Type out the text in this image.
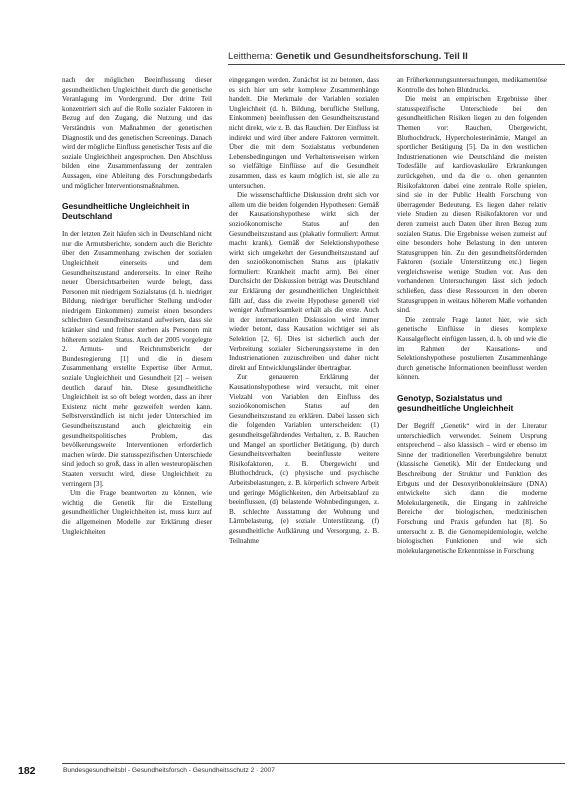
Leitthema: Genetik und Gesundheitsforschung. Teil II

nach der möglichen Beeinflussung dieser gesundheitlichen Ungleichheit durch die genetische Veranlagung im Vordergrund. Der dritte Teil konzentriert sich auf die Rolle sozialer Faktoren in Bezug auf den Zugang, die Nutzung und das Verständnis von Maßnahmen der genetischen Diagnostik und des genetischen Screenings. Danach wird der mögliche Einfluss genetischer Tests auf die soziale Ungleichheit angesprochen. Den Abschluss bilden eine Zusammenfassung der zentralen Aussagen, eine Ableitung des Forschungsbedarfs und möglicher Interventionsmaßnahmen.

Gesundheitliche Ungleichheit in Deutschland

In der letzten Zeit häufen sich in Deutschland nicht nur die Armutsberichte, sondern auch die Berichte über den Zusammenhang zwischen der sozialen Ungleichheit einerseits und dem Gesundheitszustand andererseits. In einer Reihe neuer Übersichtsarbeiten wurde belegt, dass Personen mit niedrigem Sozialstatus (d. h. niedriger Bildung, niedriger beruflicher Stellung und/oder niedrigem Einkommen) zumeist einen besonders schlechten Gesundheitszustand aufweisen, dass sie kränker sind und früher sterben als Personen mit höherem sozialen Status. Auch der 2005 vorgelegte 2. Armuts- und Reichtumsbericht der Bundesregierung [1] und die in diesem Zusammenhang erstellte Expertise über Armut, soziale Ungleichheit und Gesundheit [2] – weisen deutlich darauf hin. Diese gesundheitliche Ungleichheit ist so oft belegt worden, dass an ihrer Existenz nicht mehr gezweifelt werden kann. Selbstverständlich ist nicht jeder Unterschied im Gesundheitszustand auch gleichzeitig ein gesundheitspolitisches Problem, das bevölkerungsweite Interventionen erforderlich machen würde. Die statusspezifischen Unterschiede sind jedoch so groß, dass in allen westeuropäischen Staaten versucht wird, diese Ungleichheit zu verringern [3].

Um die Frage beantworten zu können, wie wichtig die Genetik für die Erstellung gesundheitlicher Ungleichheiten ist, muss kurz auf die allgemeinen Modelle zur Erklärung dieser Ungleichheiten

eingegangen werden. Zunächst ist zu betonen, dass es sich hier um sehr komplexe Zusammenhänge handelt. Die Merkmale der Variablen sozialen Ungleichheit (d. h. Bildung, berufliche Stellung, Einkommen) beeinflussen den Gesundheitszustand nicht direkt, wie z. B. das Rauchen. Der Einfluss ist indirekt und wird über andere Faktoren vermittelt. Über die mit dem Sozialstatus verbundenen Lebensbedingungen und Verhaltensweisen wirken so vielfältige Einflüsse auf die Gesundheit zusammen, dass es kaum möglich ist, sie alle zu untersuchen.

Die wissenschaftliche Diskussion dreht sich vor allem um die beiden folgenden Hypothesen: Gemäß der Kausationshypothese wirkt sich der sozioökonomische Status auf den Gesundheitszustand aus (plakativ formuliert: Armut macht krank). Gemäß der Selektionshypothese wirkt sich umgekehrt der Gesundheitszustand auf den sozioökonomischen Status aus (plakativ formuliert: Krankheit macht arm). Bei einer Durchsicht der Diskussion beträgt was Deutschland zur Erklärung der gesundheitlichen Ungleichheit fällt auf, dass die zweite Hypothese generell viel weniger Aufmerksamkeit erhält als die erste. Auch in der internationalen Diskussion wird immer wieder betont, dass Kausation wichtiger sei als Selektion [2, 6]. Dies ist sicherlich auch der Verbreitung sozialer Sicherungssysteme in den Industrienationen zuzuschreiben und daher nicht direkt auf Entwicklungsländer übertragbar.

Zur genaueren Erklärung der Kausationshypothese wird versucht, mit einer Vielzahl von Variablen den Einfluss des sozioökonomischen Status auf den Gesundheitszustand zu erklären. Dabei lassen sich die folgenden Variablen unterscheiden: (1) gesundheitsgefährdendes Verhalten, z. B. Rauchen und Mangel an sportlicher Betätigung, (b) durch Gesundheitsverhalten beeinflusste weitere Risikofaktoren, z. B. Übergewicht und Bluthochdruck, (c) physische und psychische Arbeitsbelastungen, z. B. körperlich schwere Arbeit und geringe Möglichkeiten, den Arbeitsablauf zu beeinflussen, (d) belastende Wohnbedingungen, z. B. schlechte Ausstattung der Wohnung und Lärmbelastung, (e) soziale Unterstützung, (f) gesundheitliche Aufklärung und Versorgung, z. B. Teilnahme

an Früherkennungsuntersuchungen, medikamentöse Kontrolle des hohen Blutdrucks.

Die meist an empirischen Ergebnisse über statusspezifische Unterschiede bei den gesundheitlichen Risiken liegen zu den folgenden Themen vor: Rauchen, Übergewicht, Bluthochdruck, Hypercholesterinämie, Mangel an sportlicher Betätigung [5]. Da in den westlichen Industrienationen wie Deutschland die meisten Todesfälle auf kardiovaskuläre Erkrankungen zurückgehen, und da die o. ohen genannten Risikofaktoren dabei eine zentrale Rolle spielen, sind sie in der Public Health Forschung von überragender Bedeutung. Es liegen daher relativ viele Studien zu diesen Risikofaktoren vor und deren zumeist auch Daten über ihren Bezug zum sozialen Status. Die Ergebnisse weisen zumeist auf eine besonders hohe Belastung in den unteren Statusgruppen hin. Zu den gesundheitsfördernden Faktoren (soziale Unterstützung etc.) liegen vergleichsweise wenige Studien vor. Aus den vorhandenen Untersuchungen lässt sich jedoch schließen, dass diese Ressourcen in den oberen Statusgruppen in weitaus höherem Maße vorhanden sind.

Die zentrale Frage lautet hier, wie sich genetische Einflüsse in dieses komplexe Kausalgeflecht einfügen lassen, d. h. ob und wie die im Rahmen der Kausations- und Selektionshypothese postulierten Zusammenhänge durch genetische Informationen beeinflusst werden können.

Genotyp, Sozialstatus und gesundheitliche Ungleichheit

Der Begriff „Genetik“ wird in der Literatur unterschiedlich verwendet. Seinem Ursprung entsprechend – also klassisch – wird er ebenso im Sinne der traditionellen Vererbungslehre benutzt (klassische Genetik). Mit der Entdeckung und Beschreibung der Struktur und Funktion des Erbguts und der Desoxyribonukleinsäure (DNA) entwickelte sich dann die moderne Molekulargenetik, die Eingang in zahlreiche Bereiche der biologischen, medizinischen Forschung und Praxis gefunden hat [8]. So untersucht z. B. die Genomepidemiologie, welche biologischen Funktionen und wie sich molekulargenetische Erkenntnisse in Forschung

182	Bundesgesundheitsbl - Gesundheitsforsch - Gesundheitsschutz 2 · 2007
